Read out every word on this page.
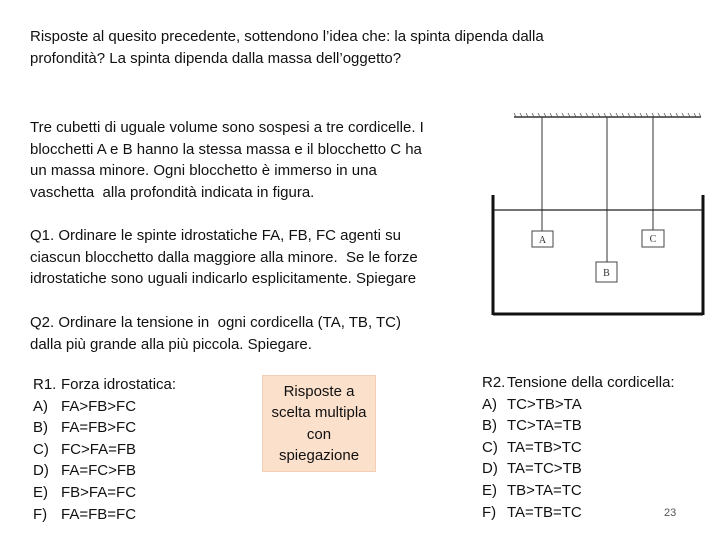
Risposte al quesito precedente, sottendono l’idea che: la spinta dipenda dalla
profondità? La spinta dipenda dalla massa dell’oggetto?
Tre cubetti di uguale volume sono sospesi a tre cordicelle. I
blocchetti A e B hanno la stessa massa e il blocchetto C ha
un massa minore. Ogni blocchetto è immerso in una
vaschetta  alla profondità indicata in figura.
Q1. Ordinare le spinte idrostatiche FA, FB, FC agenti su
ciascun blocchetto dalla maggiore alla minore.  Se le forze
idrostatiche sono uguali indicarlo esplicitamente. Spiegare
Q2. Ordinare la tensione in  ogni cordicella (TA, TB, TC)
dalla più grande alla più piccola. Spiegare.
R1. Forza idrostatica:
A) FA>FB>FC
B) FA=FB>FC
C) FC>FA=FB
D) FA=FC>FB
E) FB>FA=FC
F) FA=FB=FC
Risposte a scelta multipla con spiegazione
R2. Tensione della cordicella:
A) TC>TB>TA
B) TC>TA=TB
C) TA=TB>TC
D) TA=TC>TB
E) TB>TA=TC
F) TA=TB=TC
A
B
C
23
